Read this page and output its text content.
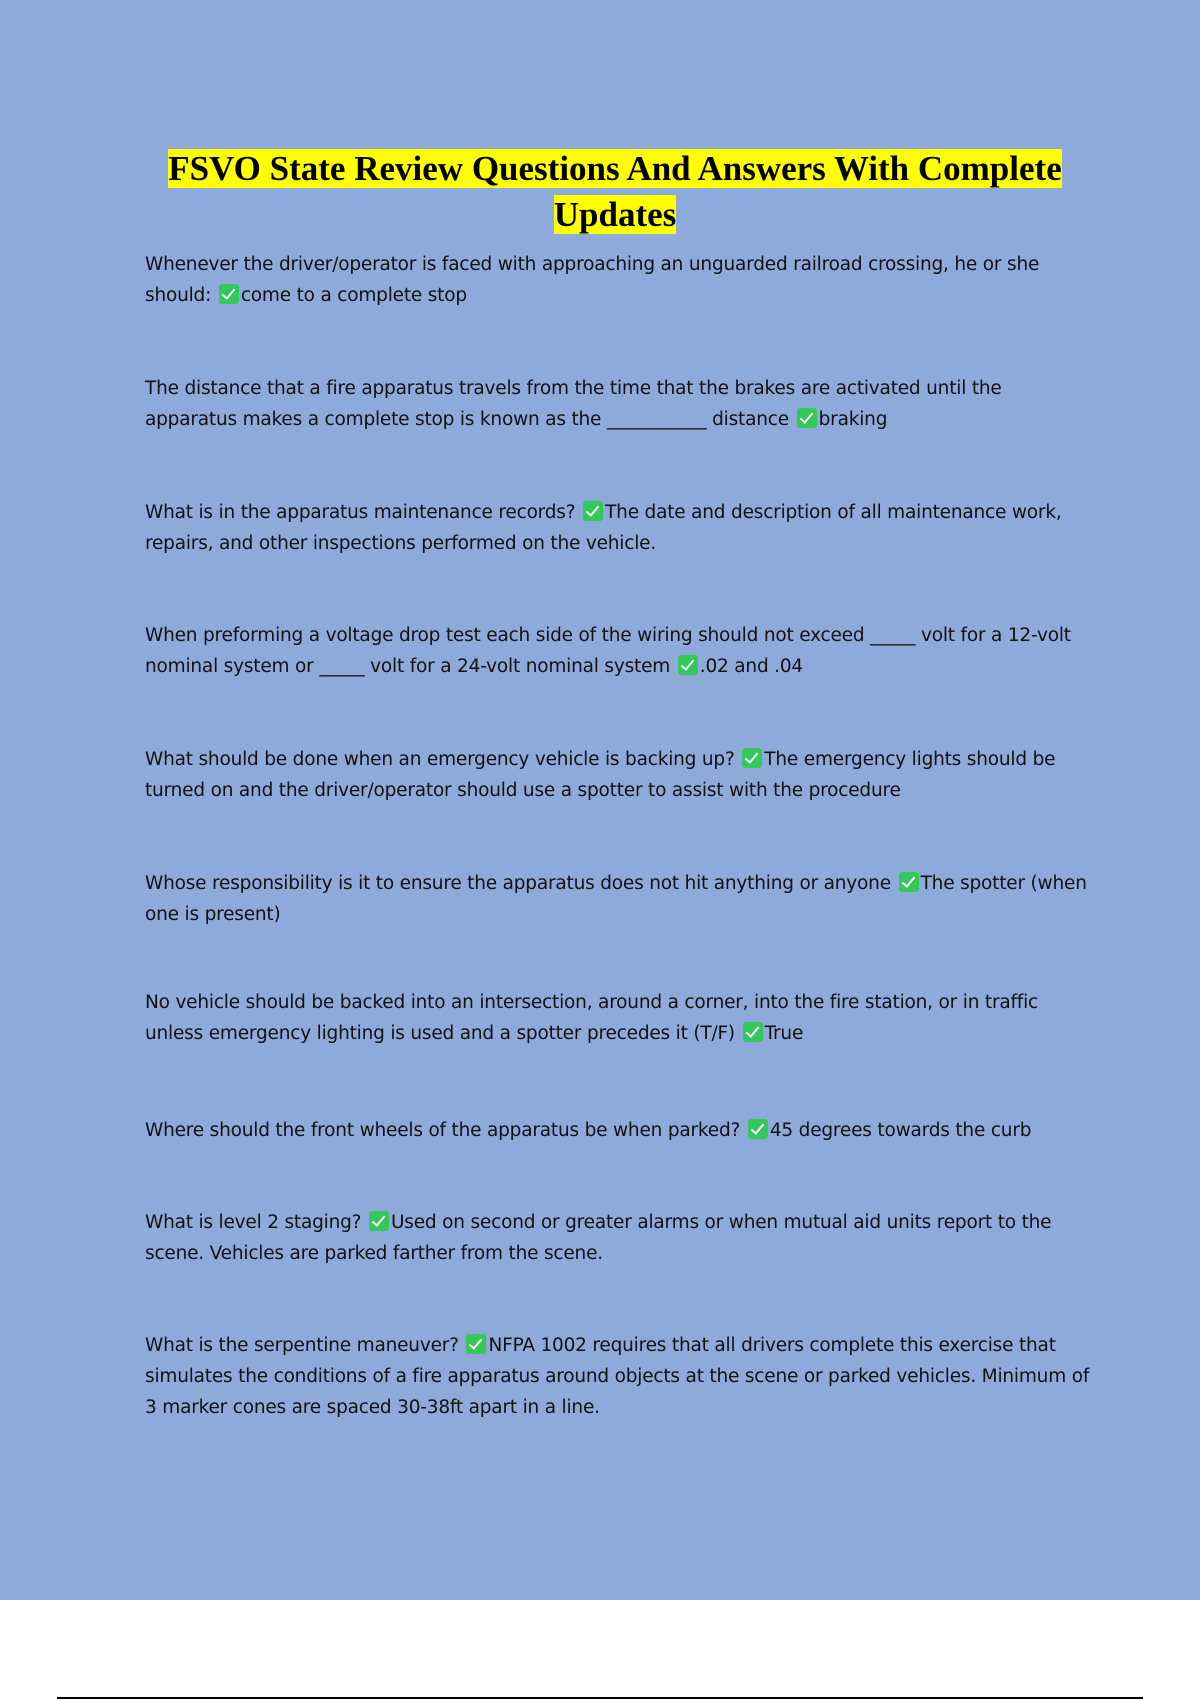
FSVO State Review Questions And Answers With Complete Updates
Whenever the driver/operator is faced with approaching an unguarded railroad crossing, he or she should: come to a complete stop
The distance that a fire apparatus travels from the time that the brakes are activated until the apparatus makes a complete stop is known as the ___________ distance braking
What is in the apparatus maintenance records? The date and description of all maintenance work, repairs, and other inspections performed on the vehicle.
When preforming a voltage drop test each side of the wiring should not exceed _____ volt for a 12-volt nominal system or _____ volt for a 24-volt nominal system .02 and .04
What should be done when an emergency vehicle is backing up? The emergency lights should be turned on and the driver/operator should use a spotter to assist with the procedure
Whose responsibility is it to ensure the apparatus does not hit anything or anyone The spotter (when one is present)
No vehicle should be backed into an intersection, around a corner, into the fire station, or in traffic unless emergency lighting is used and a spotter precedes it (T/F) True
Where should the front wheels of the apparatus be when parked? 45 degrees towards the curb
What is level 2 staging? Used on second or greater alarms or when mutual aid units report to the scene. Vehicles are parked farther from the scene.
What is the serpentine maneuver? NFPA 1002 requires that all drivers complete this exercise that simulates the conditions of a fire apparatus around objects at the scene or parked vehicles. Minimum of 3 marker cones are spaced 30-38ft apart in a line.
